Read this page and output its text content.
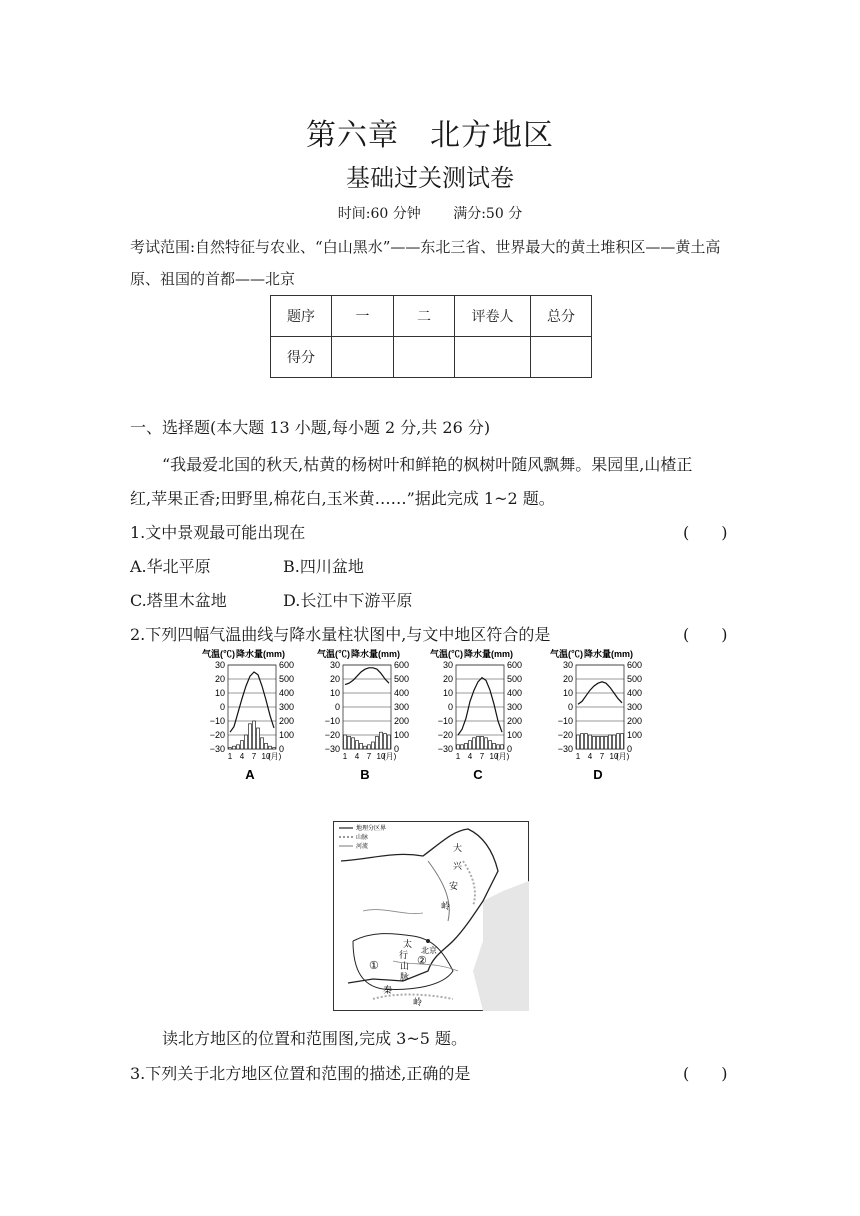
第六章　北方地区
基础过关测试卷
时间:60 分钟 满分:50 分
考试范围:自然特征与农业、“白山黑水”——东北三省、世界最大的黄土堆积区——黄土高
原、祖国的首都——北京
题序	一	二	评卷人	总分
得分				
一、选择题(本大题 13 小题,每小题 2 分,共 26 分)
“我最爱北国的秋天,枯黄的杨树叶和鲜艳的枫树叶随风飘舞。果园里,山楂正
红,苹果正香;田野里,棉花白,玉米黄……”据此完成 1~2 题。
1.文中景观最可能出现在	(　　)
A.华北平原	B.四川盆地
C.塔里木盆地	D.长江中下游平原
2.下列四幅气温曲线与降水量柱状图中,与文中地区符合的是	(　　)
气温(℃) 降水量(mm)
30	600
20	500
10	400
0	300
−10	200
−20	100
−30	0
1 4 7 10
(月)
A
气温(℃) 降水量(mm)
30	600
20	500
10	400
0	300
−10	200
−20	100
−30	0
1 4 7 10
(月)
B
气温(℃) 降水量(mm)
30	600
20	500
10	400
0	300
−10	200
−20	100
−30	0
1 4 7 10
(月)
C
气温(℃) 降水量(mm)
30	600
20	500
10	400
0	300
−10	200
−20	100
−30	0
1 4 7 10
(月)
D
地理分区界
山脉
河流	大
兴
安
岭
太
行
山
脉
北京
①	②
秦
岭
读北方地区的位置和范围图,完成 3~5 题。
3.下列关于北方地区位置和范围的描述,正确的是	(　　)
